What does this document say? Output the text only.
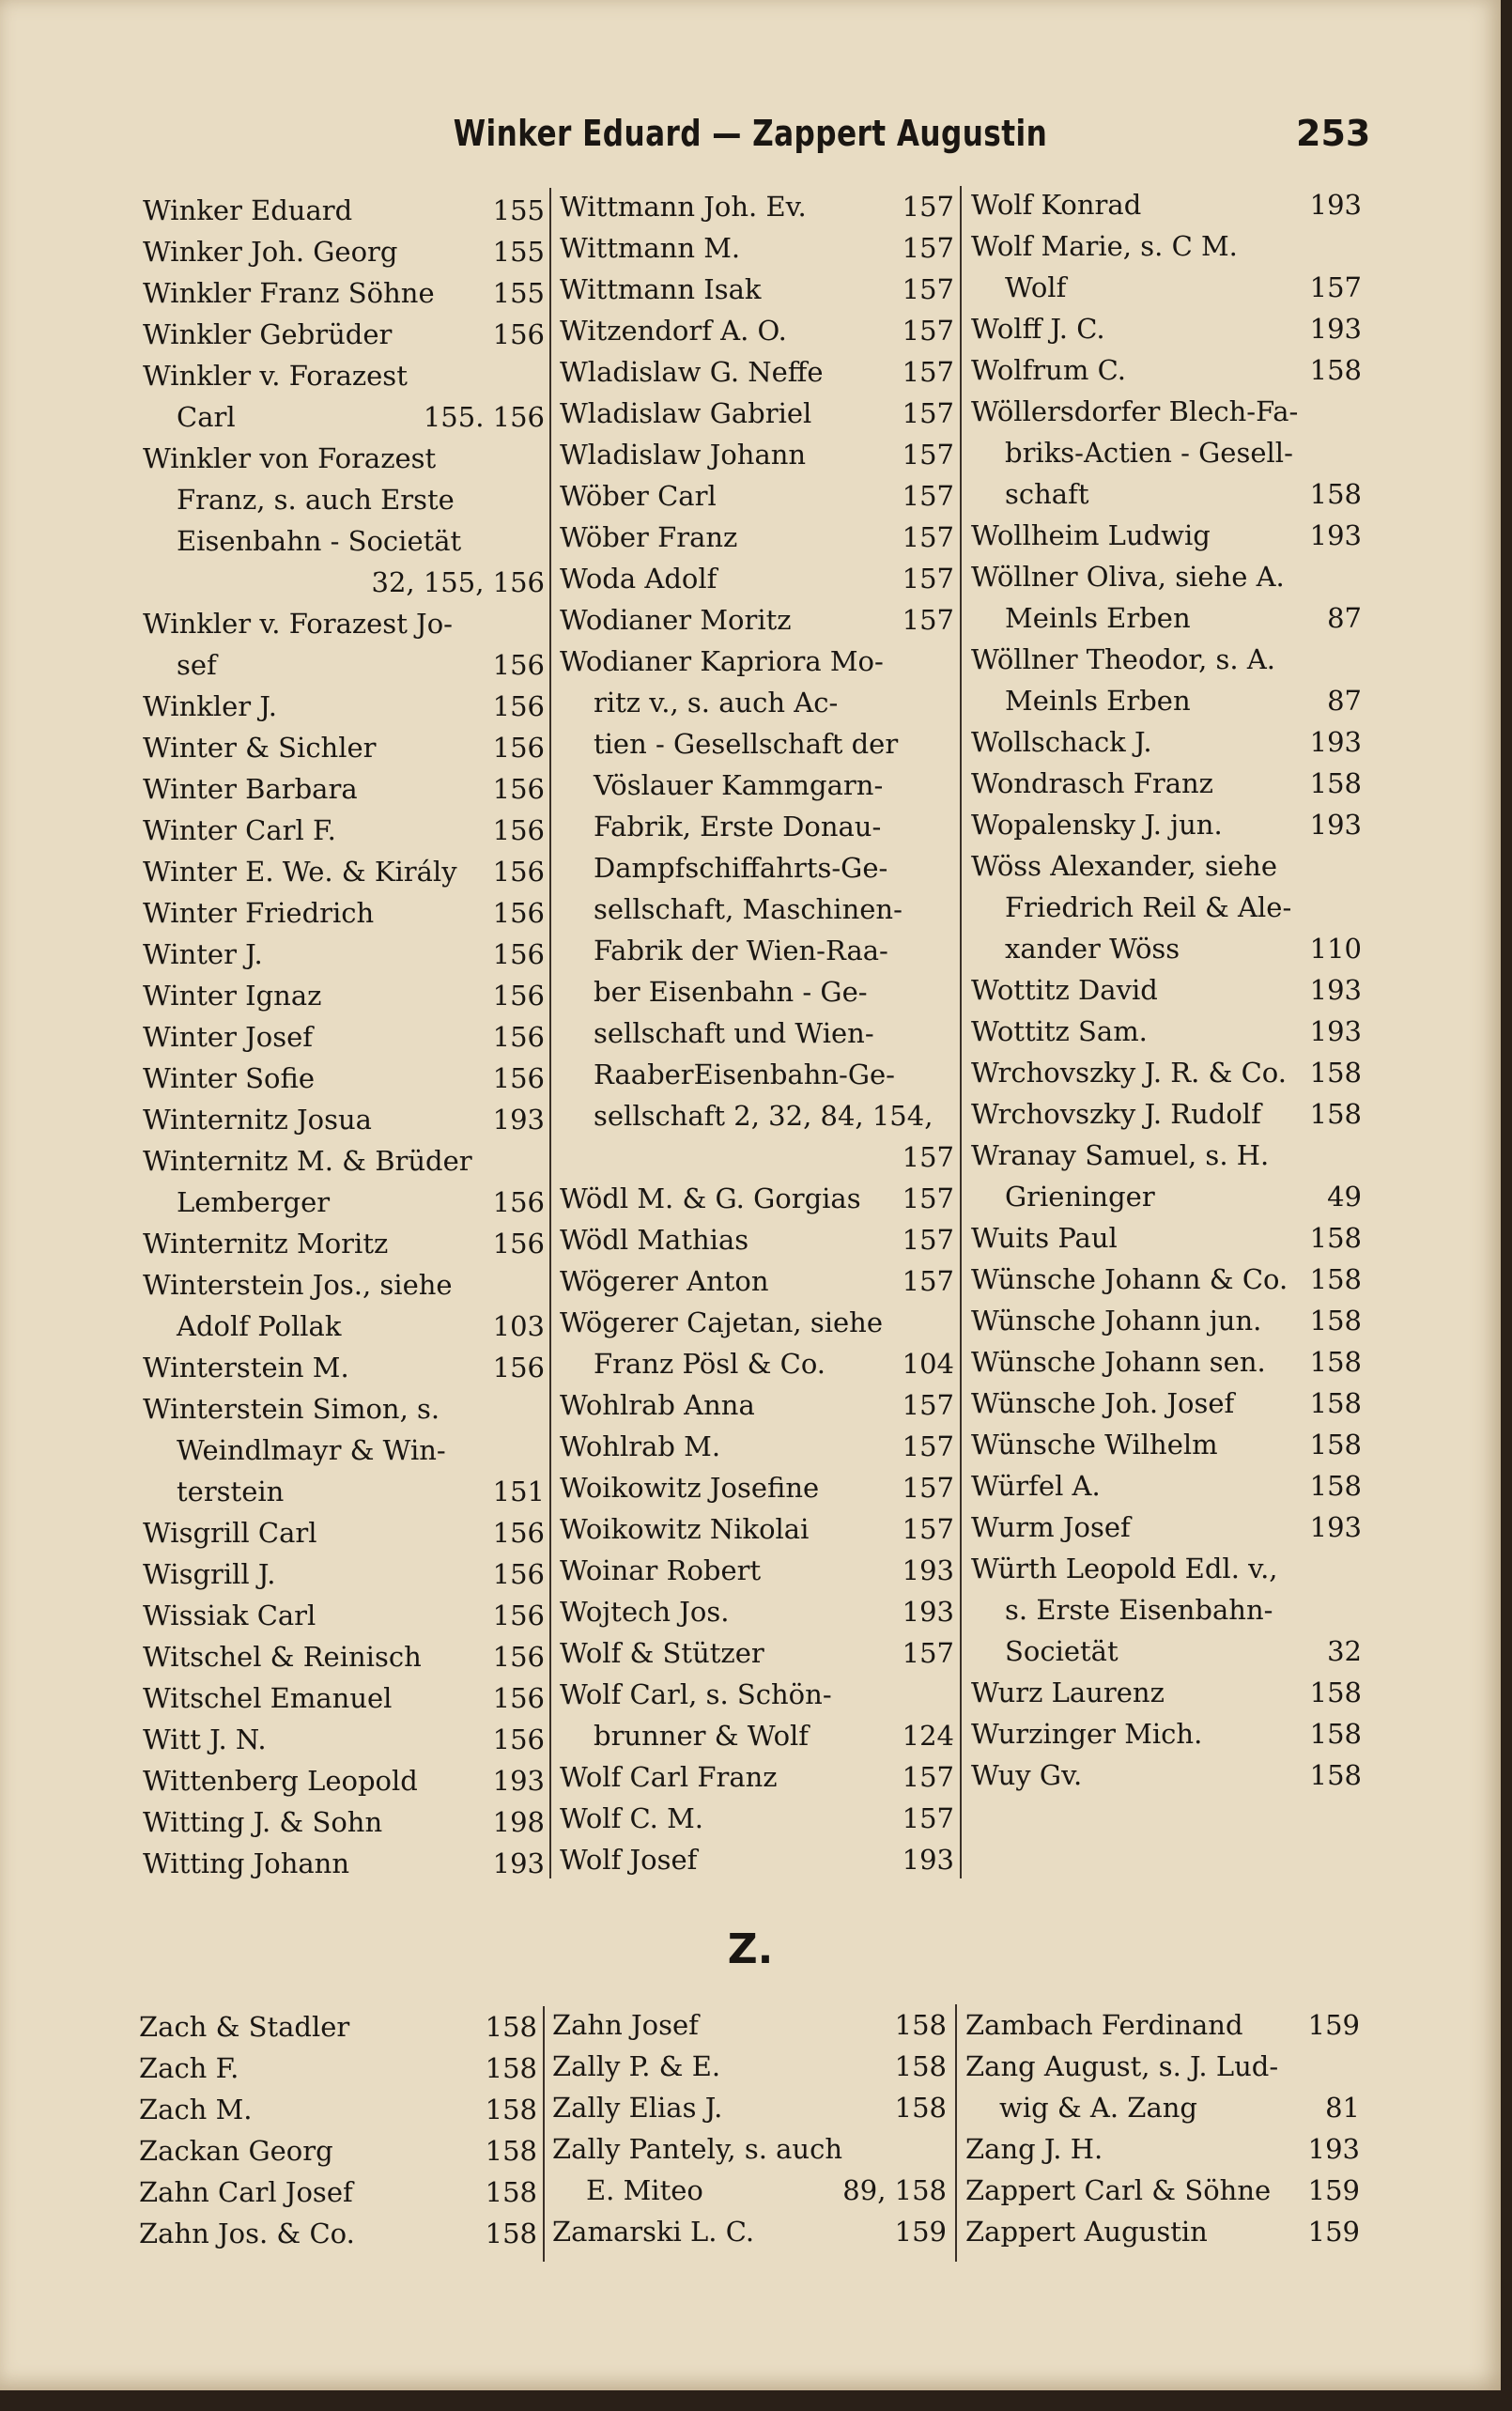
Winker Eduard — Zappert Augustin	253
Winker Eduard	155
Winker Joh. Georg	155
Winkler Franz Söhne 155
Winkler Gebrüder	156
Winkler v. Forazest
Carl	155. 156
Winkler von Forazest
Franz, s. auch Erste
Eisenbahn - Societät
32, 155, 156
Winkler v. Forazest Jo-
sef	156
Winkler J.	156
Winter & Sichler	156
Winter Barbara	156
Winter Carl F.	156
Winter E. We. & Király 156
Winter Friedrich	156
Winter J.	156
Winter Ignaz	156
Winter Josef	156
Winter Sofie	156
Winternitz Josua	193
Winternitz M. & Brüder
Lemberger	156
Winternitz Moritz	156
Winterstein Jos., siehe
Adolf Pollak	103
Winterstein M.	156
Winterstein Simon, s.
Weindlmayr & Win-
terstein	151
Wisgrill Carl	156
Wisgrill J.	156
Wissiak Carl	156
Witschel & Reinisch	156
Witschel Emanuel	156
Witt J. N.	156
Wittenberg Leopold	193
Witting J. & Sohn	198
Witting Johann	193
Wittmann Joh. Ev.	157
Wittmann M.	157
Wittmann Isak	157
Witzendorf A. O.	157
Wladislaw G. Neffe	157
Wladislaw Gabriel	157
Wladislaw Johann	157
Wöber Carl	157
Wöber Franz	157
Woda Adolf	157
Wodianer Moritz	157
Wodianer Kapriora Mo-
ritz v., s. auch Ac-
tien - Gesellschaft der
Vöslauer Kammgarn-
Fabrik, Erste Donau-
Dampfschiffahrts-Ge-
sellschaft, Maschinen-
Fabrik der Wien-Raa-
ber Eisenbahn - Ge-
sellschaft und Wien-
RaaberEisenbahn-Ge-
sellschaft 2, 32, 84, 154,
157
Wödl M. & G. Gorgias 157
Wödl Mathias	157
Wögerer Anton	157
Wögerer Cajetan, siehe
Franz Pösl & Co.	104
Wohlrab Anna	157
Wohlrab M.	157
Woikowitz Josefine	157
Woikowitz Nikolai	157
Woinar Robert	193
Wojtech Jos.	193
Wolf & Stützer	157
Wolf Carl, s. Schön-
brunner & Wolf	124
Wolf Carl Franz	157
Wolf C. M.	157
Wolf Josef	193
Wolf Konrad	193
Wolf Marie, s. C M.
Wolf	157
Wolff J. C.	193
Wolfrum C.	158
Wöllersdorfer Blech-Fa-
briks-Actien - Gesell-
schaft	158
Wollheim Ludwig	193
Wöllner Oliva, siehe A.
Meinls Erben	87
Wöllner Theodor, s. A.
Meinls Erben	87
Wollschack J.	193
Wondrasch Franz	158
Wopalensky J. jun.	193
Wöss Alexander, siehe
Friedrich Reil & Ale-
xander Wöss	110
Wottitz David	193
Wottitz Sam.	193
Wrchovszky J. R. & Co. 158
Wrchovszky J. Rudolf 158
Wranay Samuel, s. H.
Grieninger	49
Wuits Paul	158
Wünsche Johann & Co. 158
Wünsche Johann jun. 158
Wünsche Johann sen. 158
Wünsche Joh. Josef	158
Wünsche Wilhelm	158
Würfel A.	158
Wurm Josef	193
Würth Leopold Edl. v.,
s. Erste Eisenbahn-
Societät	32
Wurz Laurenz	158
Wurzinger Mich.	158
Wuy Gv.	158
Z.
Zach & Stadler	158
Zach F.	158
Zach M.	158
Zackan Georg	158
Zahn Carl Josef	158
Zahn Jos. & Co.	158
Zahn Josef	158
Zally P. & E.	158
Zally Elias J.	158
Zally Pantely, s. auch
E. Miteo	89, 158
Zamarski L. C.	159
Zambach Ferdinand 159
Zang August, s. J. Lud-
wig & A. Zang	81
Zang J. H.	193
Zappert Carl & Söhne 159
Zappert Augustin	159
